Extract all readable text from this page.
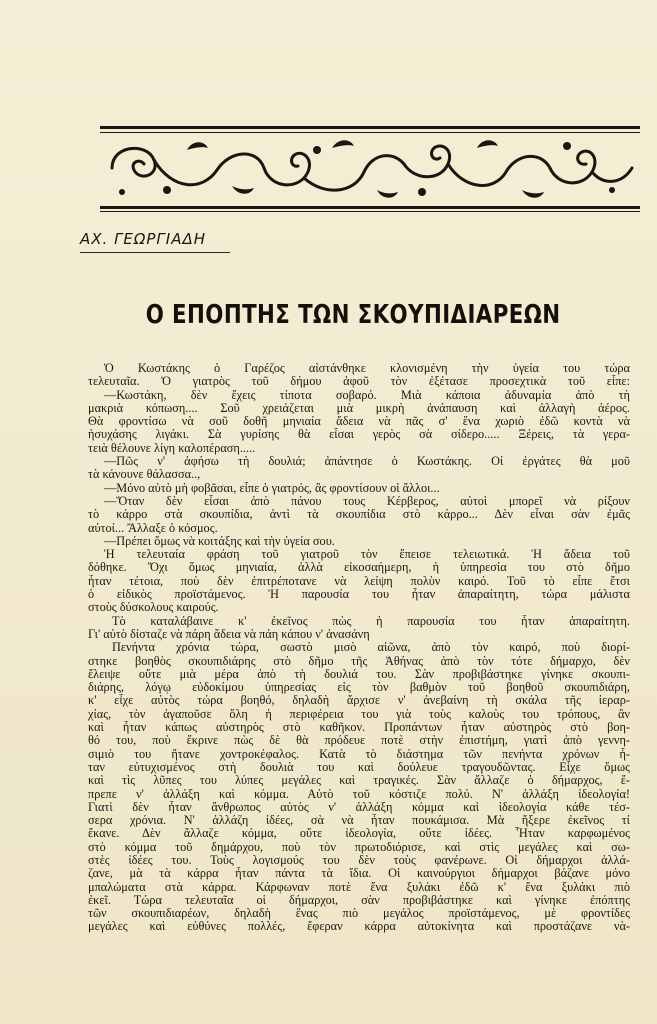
ΑΧ. ΓΕΩΡΓΙΑΔΗ
Ο ΕΠΟΠΤΗΣ ΤΩΝ ΣΚΟΥΠΙΔΙΑΡΕΩΝ
Ὁ Κωστάκης ὁ Γαρέζος αἰστάνθηκε κλονισμένη τὴν ὑγεία του τώρα
τελευταῖα. Ὁ γιατρὸς τοῦ δήμου ἀφοῦ τὸν ἐξέτασε προσεχτικὰ τοῦ εἶπε:
—Κωστάκη, δὲν ἔχεις τίποτα σοβαρό. Μιὰ κάποια ἀδυναμία ἀπὸ τὴ
μακριὰ κόπωση.... Σοῦ χρειάζεται μιὰ μικρὴ ἀνάπαυση καὶ ἀλλαγὴ ἀέρος.
Θὰ φροντίσω νὰ σοῦ δοθῆ μηνιαία ἄδεια νὰ πᾶς σ' ἕνα χωριὸ ἐδῶ κοντὰ νὰ
ἡσυχάσης λιγάκι. Σὰ γυρίσης θὰ εἶσαι γερὸς σὰ σίδερο..... Ξέρεις, τὰ γερα-
τειὰ θέλουνε λίγη καλοπέραση.....
—Πῶς ν' ἀφήσω τὴ δουλιά; ἀπάντησε ὁ Κωστάκης. Οἱ ἐργάτες θὰ μοῦ
τὰ κάνουνε θάλασσα..,
—Μόνο αὐτὸ μὴ φοβᾶσαι, εἶπε ὁ γιατρός, ἂς φροντίσουν οἱ ἄλλοι...
—Ὅταν δὲν εἶσαι ἀπὸ πάνου τους Κέρβερος, αὐτοὶ μπορεῖ νὰ ρίξουν
τὸ κάρρο στὰ σκουπίδια, ἀντὶ τὰ σκουπίδια στὸ κάρρο... Δὲν εἶναι σὰν ἐμᾶς
αὐτοί... Ἄλλαξε ὁ κόσμος.
—Πρέπει ὅμως νὰ κοιτάξης καὶ τὴν ὑγεία σου.
Ἡ τελευταία φράση τοῦ γιατροῦ τὸν ἔπεισε τελειωτικά. Ἡ ἄδεια τοῦ
δόθηκε. Ὄχι ὅμως μηνιαία, ἀλλὰ εἰκοσαήμερη, ἡ ὑπηρεσία του στὸ δῆμο
ἦταν τέτοια, ποὺ δὲν ἐπιτρέποτανε νὰ λείψη πολὺν καιρό. Τοῦ τὸ εἶπε ἔτσι
ὁ εἰδικὸς προϊστάμενος. Ἡ παρουσία του ἦταν ἀπαραίτητη, τώρα μάλιστα
στοὺς δύσκολους καιρούς.
Τὸ καταλάβαινε κ' ἐκεῖνος πὼς ἡ παρουσία του ἦταν ἀπαραίτητη.
Γι' αὐτὸ δίσταζε νὰ πάρη ἄδεια νὰ πάη κάπου ν' ἀνασάνη
Πενήντα χρόνια τώρα, σωστὸ μισὸ αἰῶνα, ἀπὸ τὸν καιρό, ποὺ διορί-
στηκε βοηθὸς σκουπιδιάρης στὸ δῆμο τῆς Ἀθήνας ἀπὸ τὸν τότε δήμαρχο, δὲν
ἔλειψε οὔτε μιὰ μέρα ἀπὸ τὴ δουλιά του. Σὰν προβιβάστηκε γίνηκε σκουπι-
διάρης, λόγῳ εὐδοκίμου ὑπηρεσίας εἰς τὸν βαθμὸν τοῦ βοηθοῦ σκουπιδιάρη,
κ' εἶχε αὐτὸς τώρα βοηθό, δηλαδὴ ἄρχισε ν' ἀνεβαίνη τὴ σκάλα τῆς ἱεραρ-
χίας, τὸν ἀγαποῦσε ὅλη ἡ περιφέρεια του γιὰ τοὺς καλοὺς του τρόπους, ἂν
καὶ ἦταν κάπως αὐστηρὸς στὸ καθῆκον. Προπάντων ἦταν αὐστηρὸς στὸ βοη-
θό του, ποὺ ἔκρινε πὼς δὲ θὰ πρόδευε ποτὲ στὴν ἐπιστήμη, γιατὶ ἀπὸ γεννη-
σιμιὸ του ἤτανε χοντροκέφαλος. Κατὰ τὸ διάστημα τῶν πενήντα χρόνων ἦ-
ταν εὐτυχισμένος στὴ δουλιὰ του καὶ δούλευε τραγουδῶντας. Εἶχε ὅμως
καὶ τὶς λῦπες του λύπες μεγάλες καὶ τραγικές. Σὰν ἄλλαζε ὁ δήμαρχος, ἔ-
πρεπε ν' ἀλλάξη καὶ κόμμα. Αὐτὸ τοῦ κόστιζε πολύ. Ν' ἀλλάξη ἰδεολογία!
Γιατὶ δὲν ἦταν ἄνθρωπος αὐτὸς ν' ἀλλάξη κόμμα καὶ ἰδεολογία κάθε τέσ-
σερα χρόνια. Ν' ἀλλάζη ἰδέες, σὰ νὰ ἦταν πουκάμισα. Μὰ ἤξερε ἐκεῖνος τί
ἔκανε. Δὲν ἄλλαζε κόμμα, οὔτε ἰδεολογία, οὔτε ἰδέες. Ἦταν καρφωμένος
στὸ κόμμα τοῦ δημάρχου, ποὺ τὸν πρωτοδιόρισε, καὶ στὶς μεγάλες καὶ σω-
στὲς ἰδέες του. Τοὺς λογισμούς του δὲν τοὺς φανέρωνε. Οἱ δήμαρχοι ἀλλά-
ζανε, μὰ τὰ κάρρα ἦταν πάντα τὰ ἴδια. Οἱ καινούργιοι δήμαρχοι βάζανε μόνο
μπαλώματα στὰ κάρρα. Κάρφωναν ποτὲ ἕνα ξυλάκι ἐδῶ κ' ἕνα ξυλάκι πιὸ
ἐκεῖ. Τώρα τελευταῖα οἱ δήμαρχοι, σὰν προβιβάστηκε καὶ γίνηκε ἐπόπτης
τῶν σκουπιδιαρέων, δηλαδὴ ἕνας πιὸ μεγάλος προϊστάμενος, μὲ φροντίδες
μεγάλες καὶ εὐθύνες πολλές, ἔφεραν κάρρα αὐτοκίνητα καὶ προστάζανε νὰ-
